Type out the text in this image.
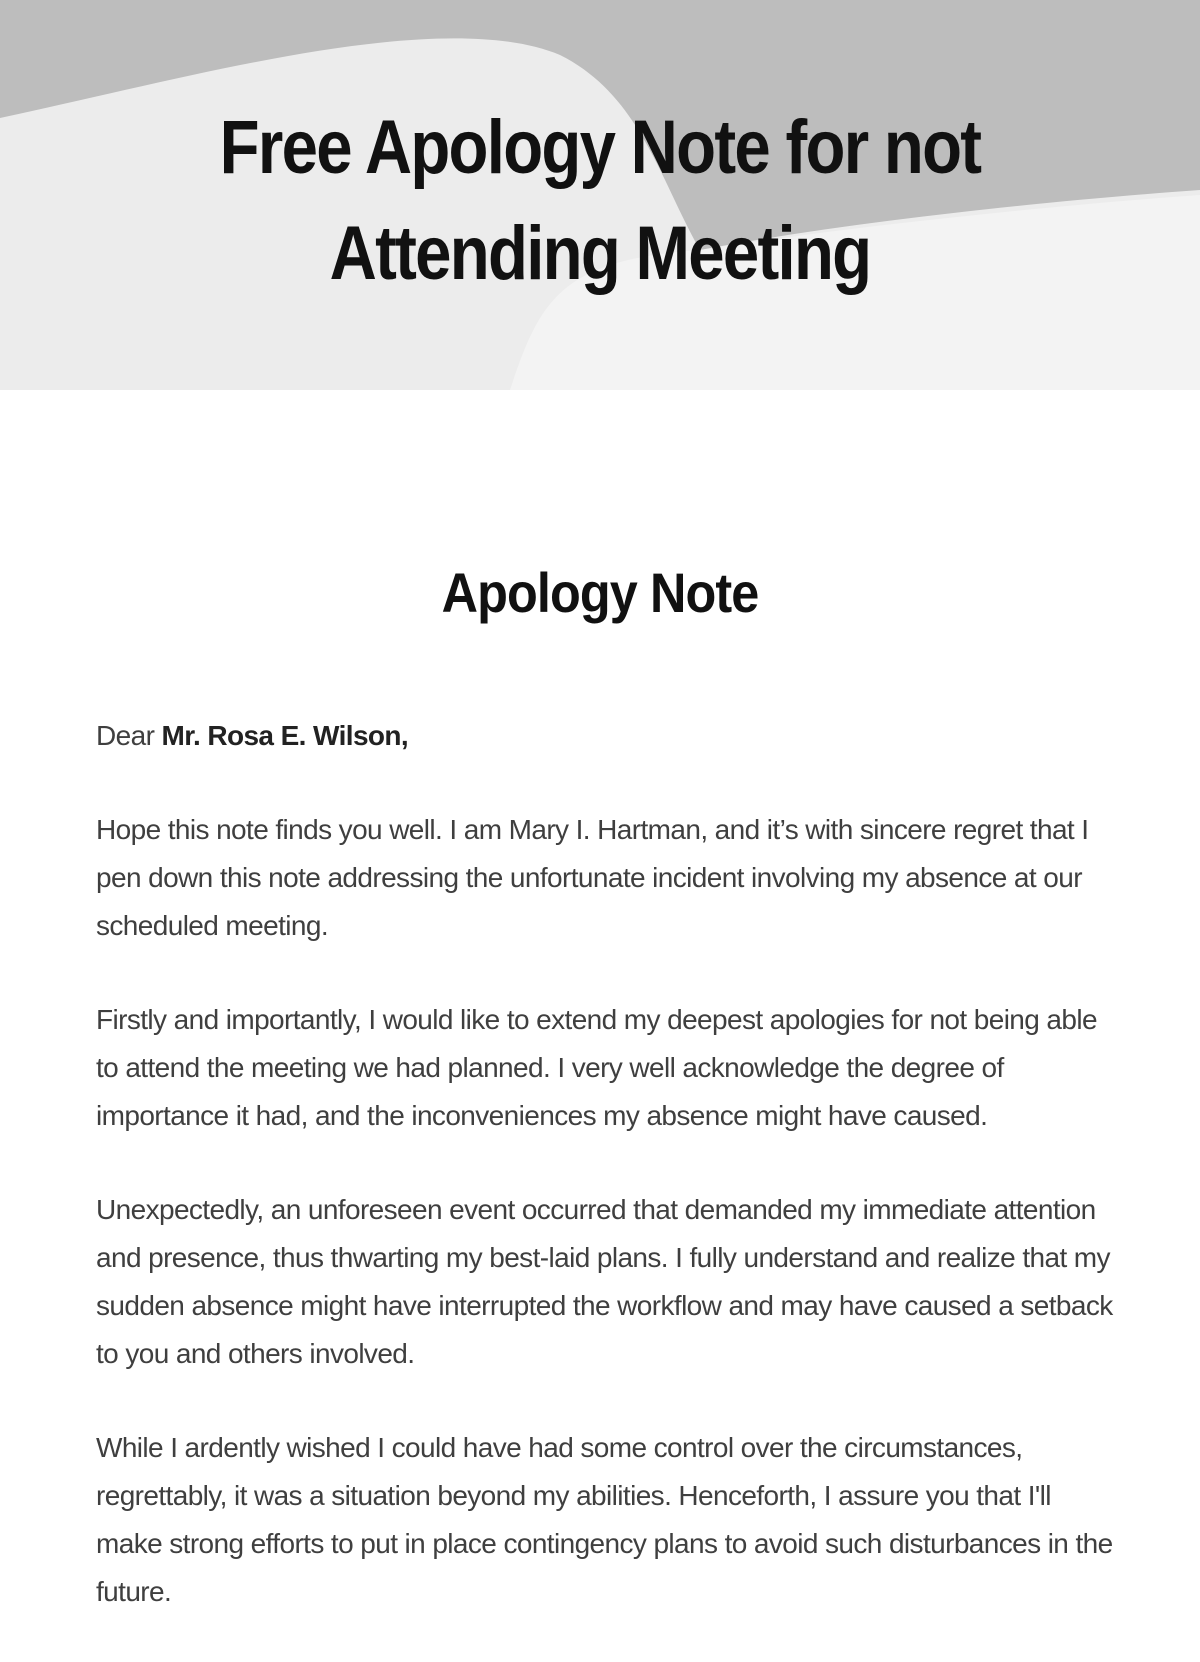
Free Apology Note for not Attending Meeting
Apology Note

Dear Mr. Rosa E. Wilson,

Hope this note finds you well. I am Mary I. Hartman, and it’s with sincere regret that I pen down this note addressing the unfortunate incident involving my absence at our scheduled meeting.

Firstly and importantly, I would like to extend my deepest apologies for not being able to attend the meeting we had planned. I very well acknowledge the degree of importance it had, and the inconveniences my absence might have caused.

Unexpectedly, an unforeseen event occurred that demanded my immediate attention and presence, thus thwarting my best-laid plans. I fully understand and realize that my sudden absence might have interrupted the workflow and may have caused a setback to you and others involved.

While I ardently wished I could have had some control over the circumstances, regrettably, it was a situation beyond my abilities. Henceforth, I assure you that I'll make strong efforts to put in place contingency plans to avoid such disturbances in the future.
